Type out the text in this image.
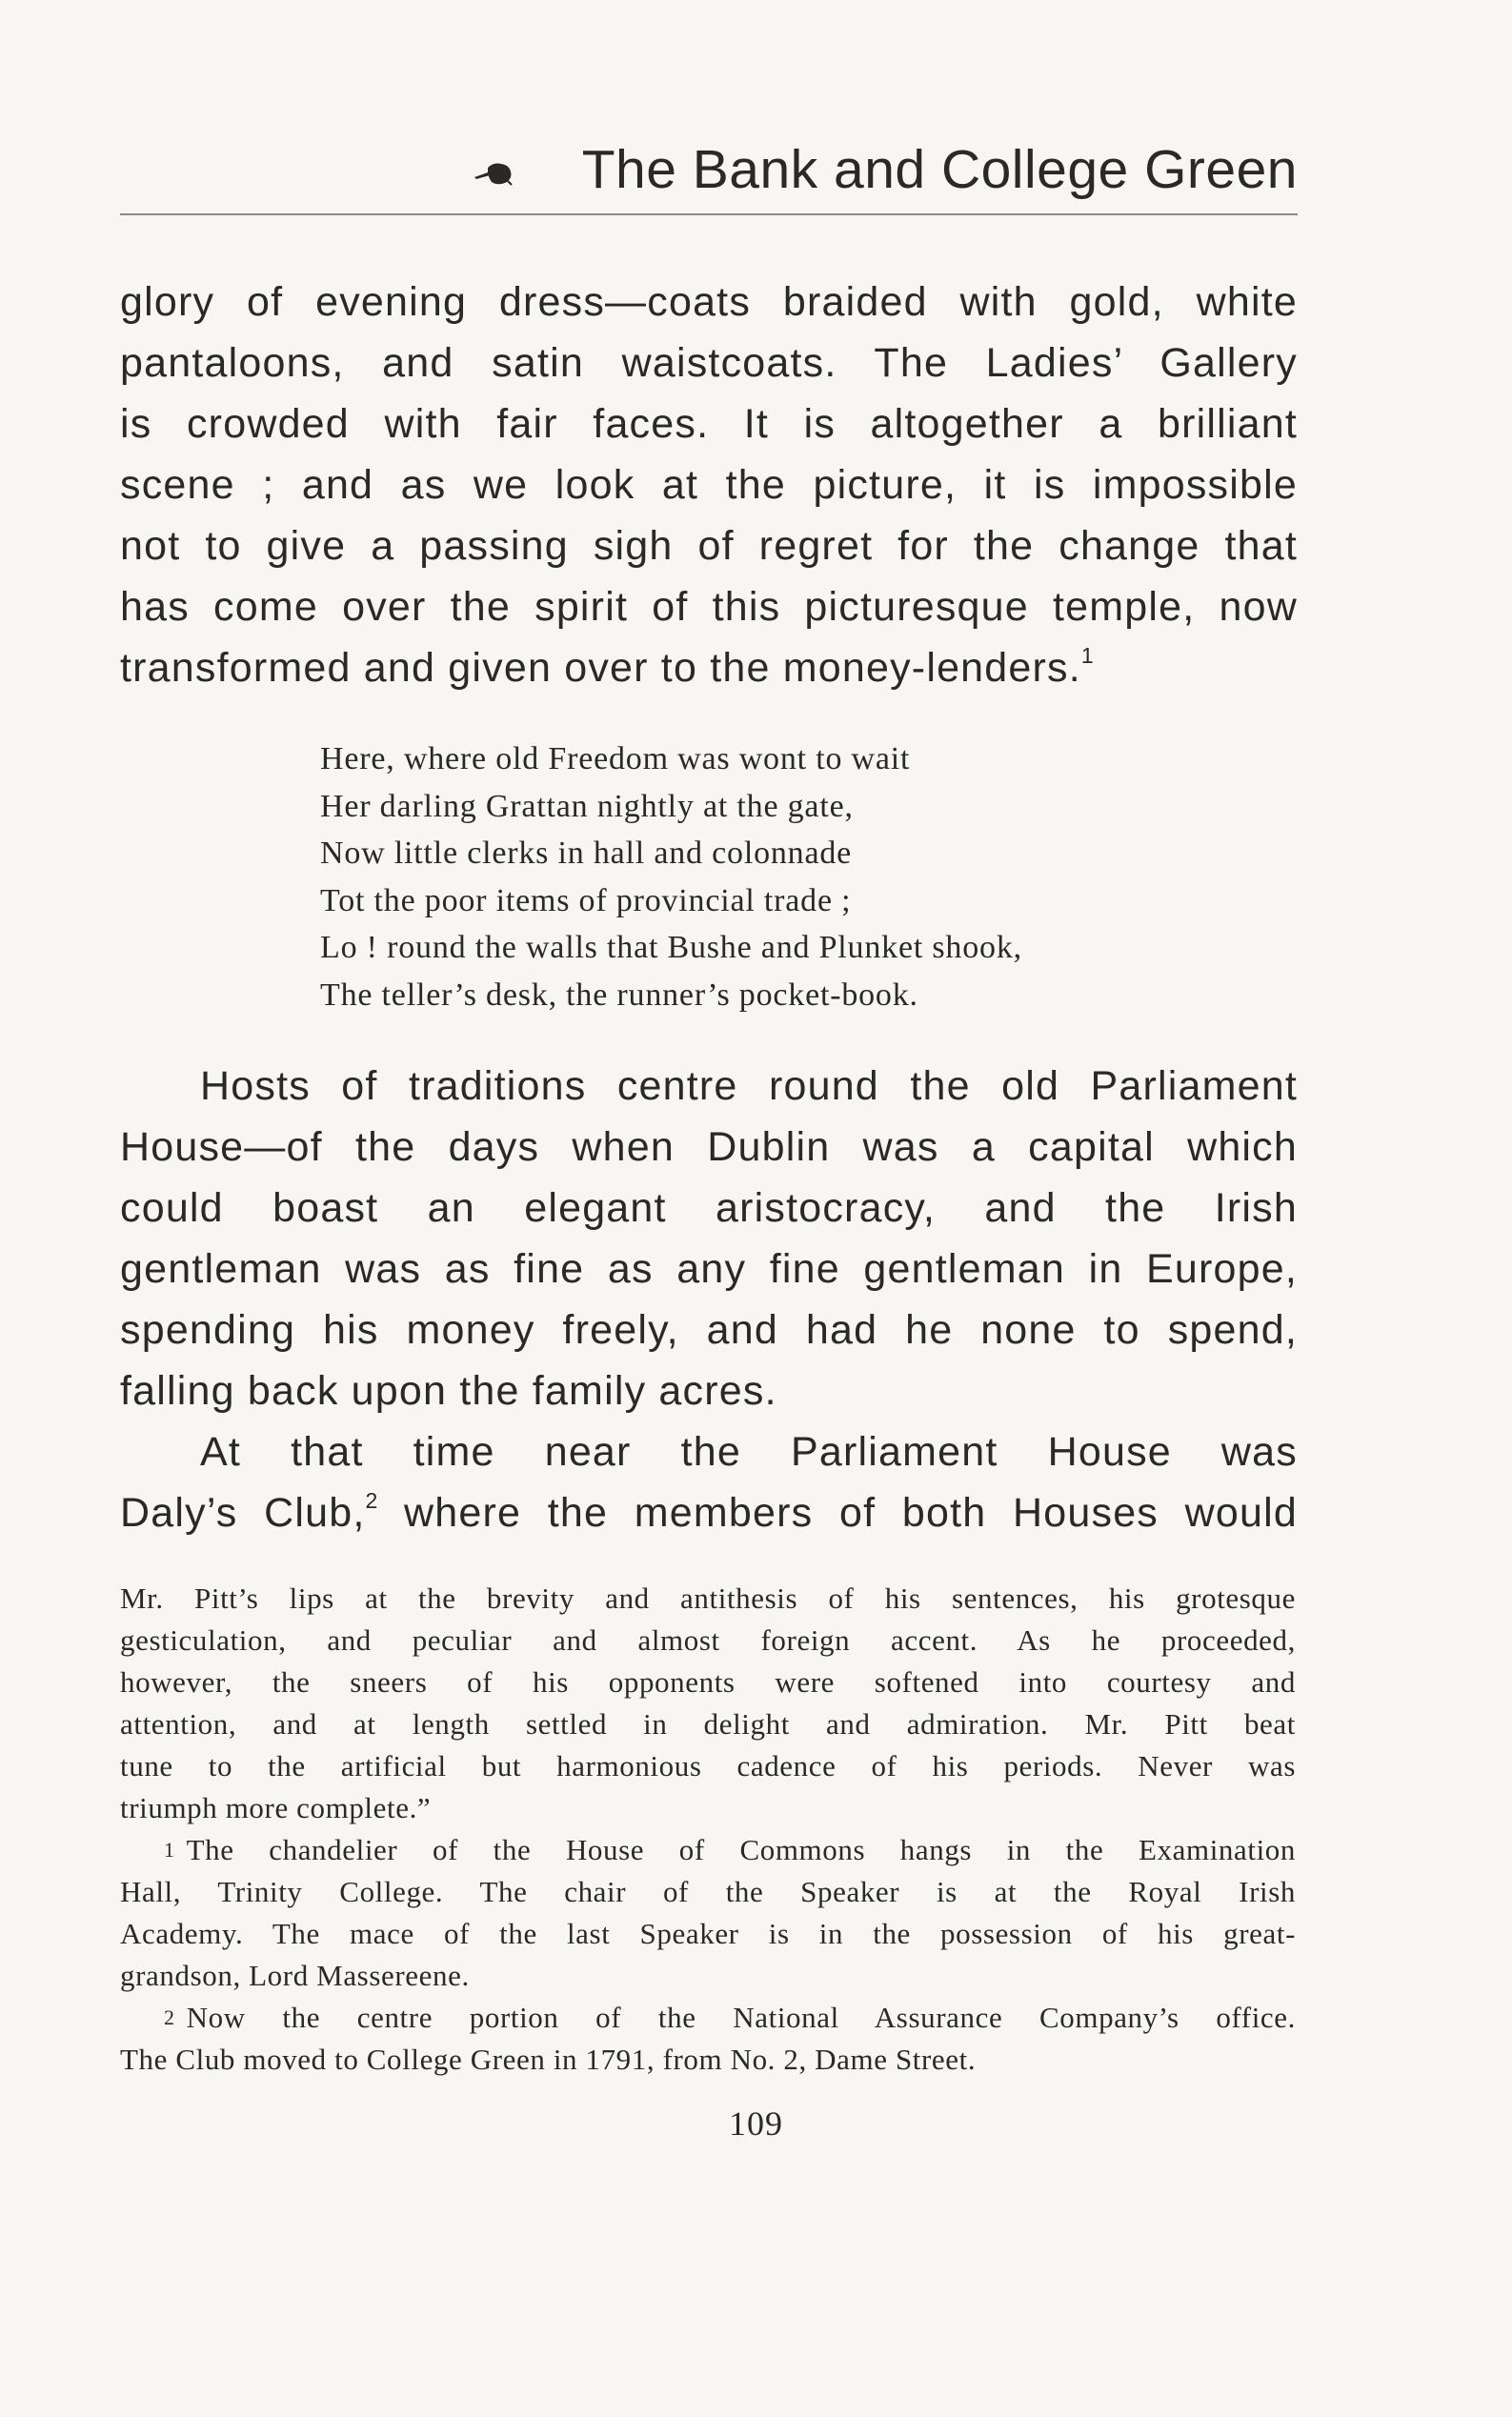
The Bank and College Green
glory of evening dress—coats braided with gold, white
pantaloons, and satin waistcoats. The Ladies’ Gallery
is crowded with fair faces. It is altogether a brilliant
scene ; and as we look at the picture, it is impossible
not to give a passing sigh of regret for the change that
has come over the spirit of this picturesque temple, now
transformed and given over to the money-lenders.$^1$
Here, where old Freedom was wont to wait
Her darling Grattan nightly at the gate,
Now little clerks in hall and colonnade
Tot the poor items of provincial trade ;
Lo ! round the walls that Bushe and Plunket shook,
The teller’s desk, the runner’s pocket-book.
Hosts of traditions centre round the old Parliament
House—of the days when Dublin was a capital which
could boast an elegant aristocracy, and the Irish
gentleman was as fine as any fine gentleman in Europe,
spending his money freely, and had he none to spend,
falling back upon the family acres.
At that time near the Parliament House was
Daly’s Club,$^2$ where the members of both Houses would
Mr. Pitt’s lips at the brevity and antithesis of his sentences, his grotesque
gesticulation, and peculiar and almost foreign accent. As he proceeded,
however, the sneers of his opponents were softened into courtesy and
attention, and at length settled in delight and admiration. Mr. Pitt beat
tune to the artificial but harmonious cadence of his periods. Never was
triumph more complete.”
1 The chandelier of the House of Commons hangs in the Examination
Hall, Trinity College. The chair of the Speaker is at the Royal Irish
Academy. The mace of the last Speaker is in the possession of his great-
grandson, Lord Massereene.
2 Now the centre portion of the National Assurance Company’s office.
The Club moved to College Green in 1791, from No. 2, Dame Street.
109
